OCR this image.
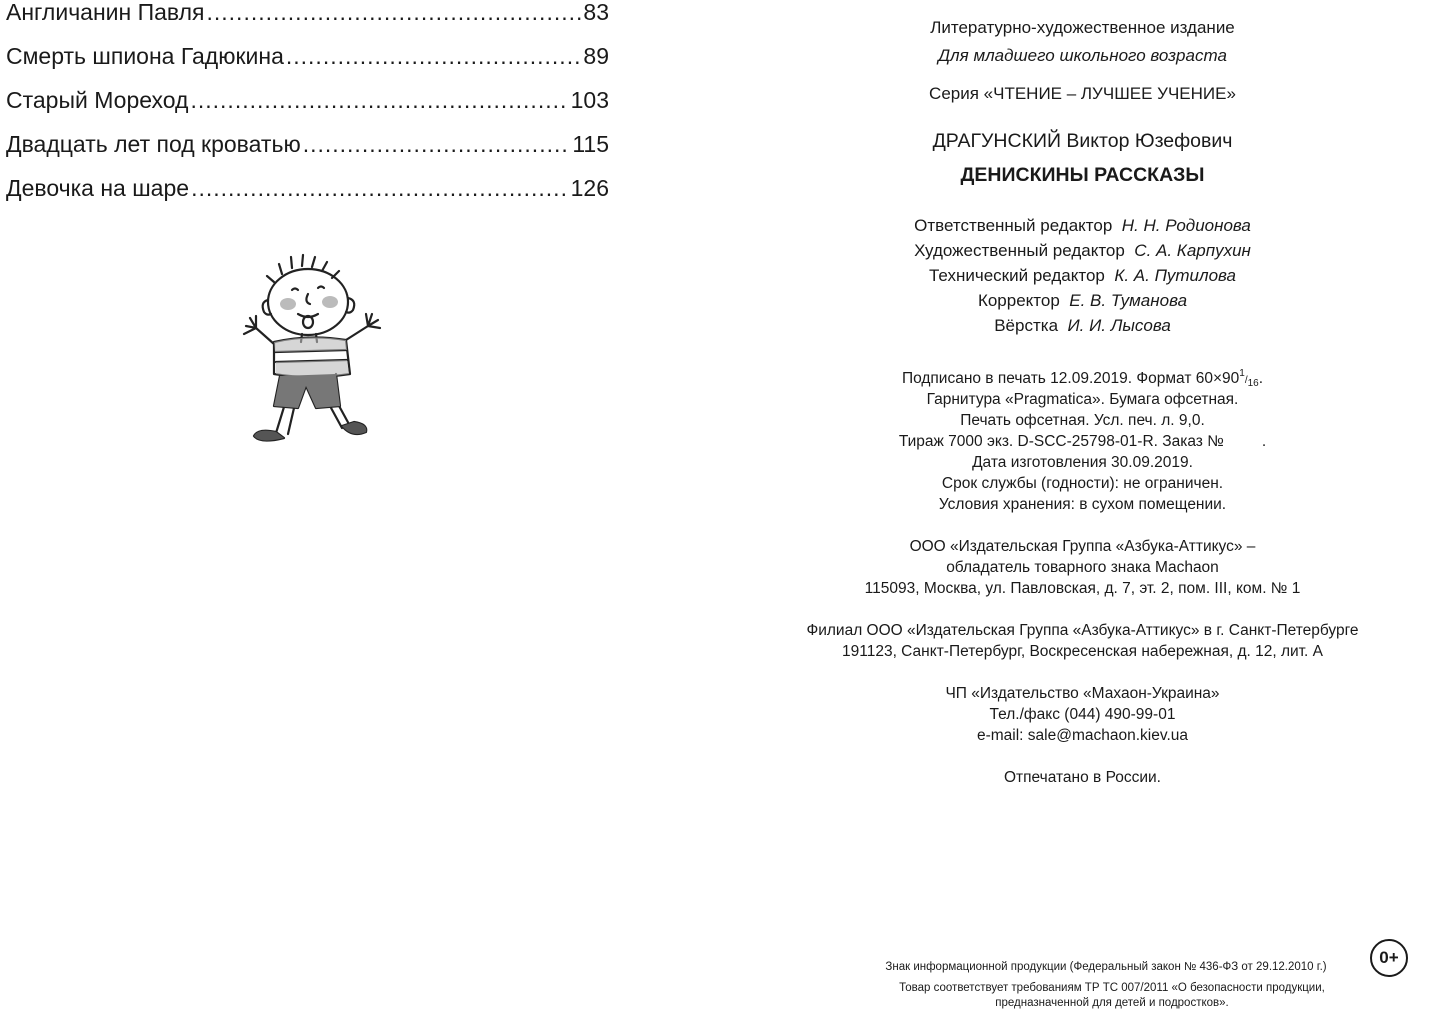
Англичанин Павля .....	83
Смерть шпиона Гадюкина .....	89
Старый Мореход .....	103
Двадцать лет под кроватью .....	115
Девочка на шаре .....	126
Литературно-художественное издание
Для младшего школьного возраста
Серия «ЧТЕНИЕ – ЛУЧШЕЕ УЧЕНИЕ»
ДРАГУНСКИЙ Виктор Юзефович
ДЕНИСКИНЫ РАССКАЗЫ
Ответственный редактор Н. Н. Родионова
Художественный редактор С. А. Карпухин
Технический редактор К. А. Путилова
Корректор Е. В. Туманова
Вёрстка И. И. Лысова
Подписано в печать 12.09.2019. Формат 60×901/16.
Гарнитура «Pragmatica». Бумага офсетная.
Печать офсетная. Усл. печ. л. 9,0.
Тираж 7000 экз. D-SCC-25798-01-R. Заказ № .
Дата изготовления 30.09.2019.
Срок службы (годности): не ограничен.
Условия хранения: в сухом помещении.
ООО «Издательская Группа «Азбука-Аттикус» –
обладатель товарного знака Machaon
115093, Москва, ул. Павловская, д. 7, эт. 2, пом. III, ком. № 1
Филиал ООО «Издательская Группа «Азбука-Аттикус» в г. Санкт-Петербурге
191123, Санкт-Петербург, Воскресенская набережная, д. 12, лит. А
ЧП «Издательство «Махаон-Украина»
Тел./факс (044) 490-99-01
e-mail: sale@machaon.kiev.ua
Отпечатано в России.
Знак информационной продукции (Федеральный закон № 436-ФЗ от 29.12.2010 г.)	0+
Товар соответствует требованиям ТР ТС 007/2011 «О безопасности продукции,
предназначенной для детей и подростков».
